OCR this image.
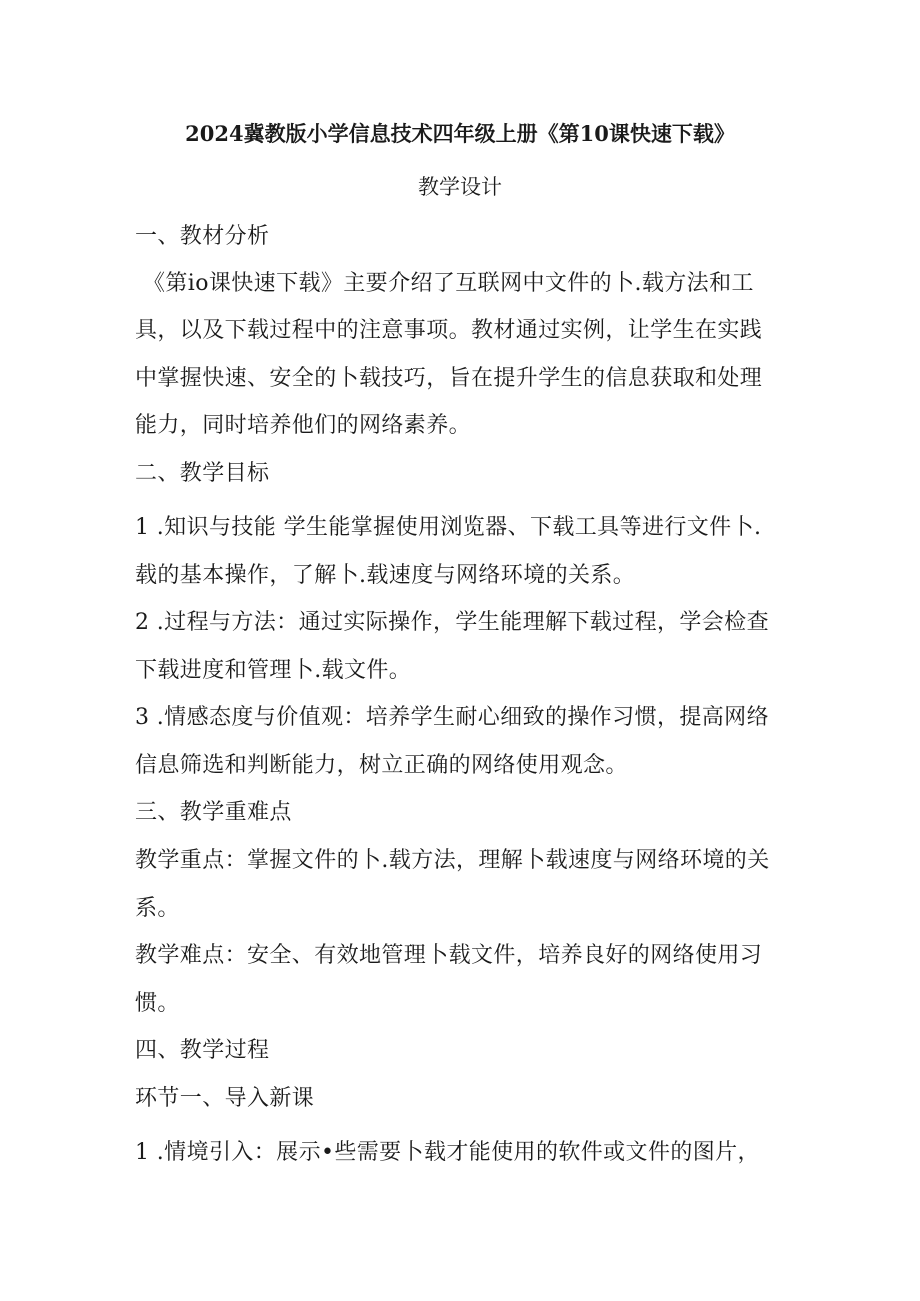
2024冀教版小学信息技术四年级上册《第10课快速下载》
教学设计
一、教材分析
《第io课快速下载》主要介绍了互联网中文件的卜.载方法和工
具，以及下载过程中的注意事项。教材通过实例，让学生在实践
中掌握快速、安全的卜载技巧，旨在提升学生的信息获取和处理
能力，同时培养他们的网络素养。
二、教学目标
1 .知识与技能 学生能掌握使用浏览器、下载工具等进行文件卜.
载的基本操作，了解卜.载速度与网络环境的关系。
2 .过程与方法：通过实际操作，学生能理解下载过程，学会检查
下载进度和管理卜.载文件。
3 .情感态度与价值观：培养学生耐心细致的操作习惯，提高网络
信息筛选和判断能力，树立正确的网络使用观念。
三、教学重难点
教学重点：掌握文件的卜.载方法，理解卜载速度与网络环境的关
系。
教学难点：安全、有效地管理卜载文件，培养良好的网络使用习
惯。
四、教学过程
环节一、导入新课
1 .情境引入：展示•些需要卜载才能使用的软件或文件的图片，
